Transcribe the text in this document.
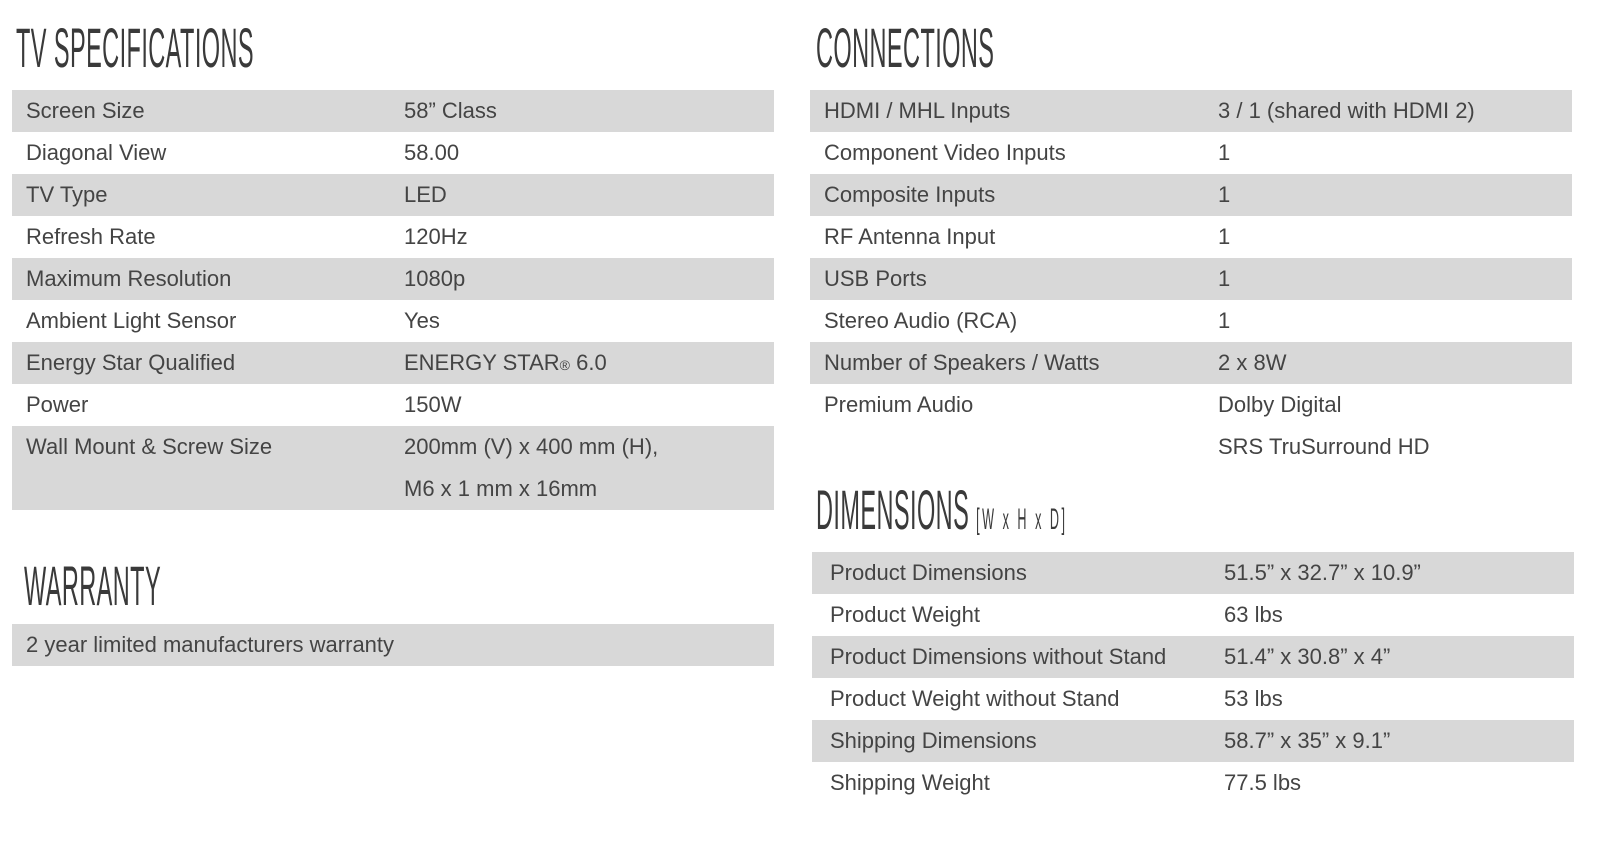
TV SPECIFICATIONS
Screen Size	58” Class
Diagonal View	58.00
TV Type	LED
Refresh Rate	120Hz
Maximum Resolution	1080p
Ambient Light Sensor	Yes
Energy Star Qualified	ENERGY STAR® 6.0
Power	150W
Wall Mount & Screw Size	200mm (V) x 400 mm (H),
	M6 x 1 mm x 16mm
WARRANTY
2 year limited manufacturers warranty
CONNECTIONS
HDMI / MHL Inputs	3 / 1 (shared with HDMI 2)
Component Video Inputs	1
Composite Inputs	1
RF Antenna Input	1
USB Ports	1
Stereo Audio (RCA)	1
Number of Speakers / Watts	2 x 8W
Premium Audio	Dolby Digital
	SRS TruSurround HD
DIMENSIONS [W x H x D]
Product Dimensions	51.5” x 32.7” x 10.9”
Product Weight	63 lbs
Product Dimensions without Stand	51.4” x 30.8” x 4”
Product Weight without Stand	53 lbs
Shipping Dimensions	58.7” x 35” x 9.1”
Shipping Weight	77.5 lbs
